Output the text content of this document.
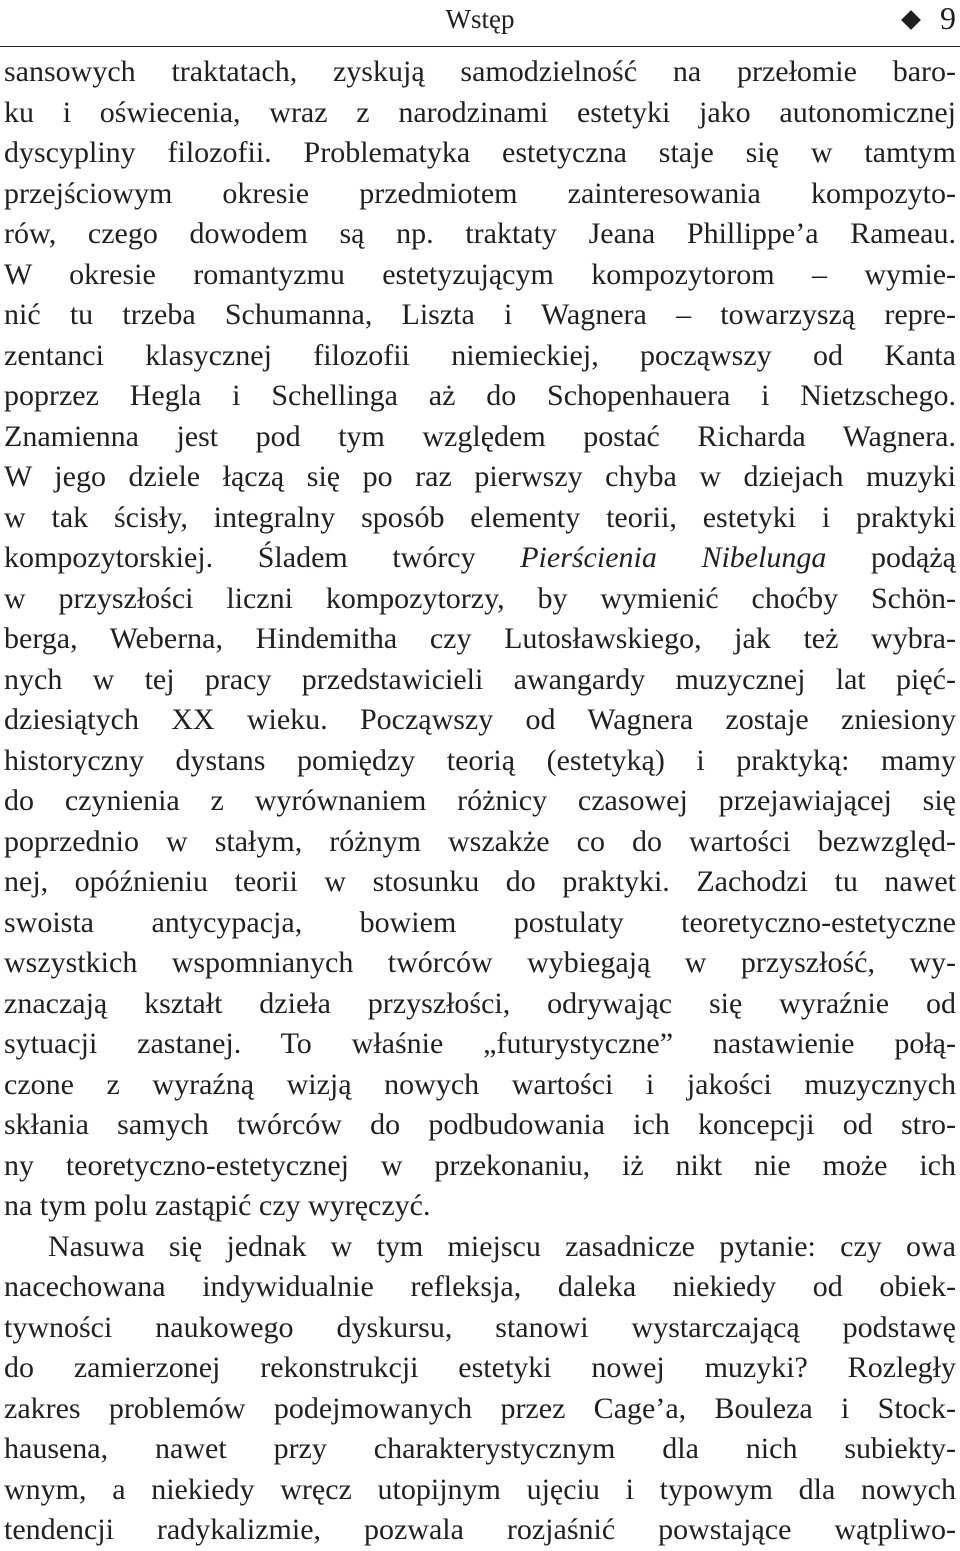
Wstęp	9
sansowych traktatach, zyskują samodzielność na przełomie baro-
ku i oświecenia, wraz z narodzinami estetyki jako autonomicznej
dyscypliny filozofii. Problematyka estetyczna staje się w tamtym
przejściowym okresie przedmiotem zainteresowania kompozyto-
rów, czego dowodem są np. traktaty Jeana Phillippe’a Rameau.
W okresie romantyzmu estetyzującym kompozytorom – wymie-
nić tu trzeba Schumanna, Liszta i Wagnera – towarzyszą repre-
zentanci klasycznej filozofii niemieckiej, począwszy od Kanta
poprzez Hegla i Schellinga aż do Schopenhauera i Nietzschego.
Znamienna jest pod tym względem postać Richarda Wagnera.
W jego dziele łączą się po raz pierwszy chyba w dziejach muzyki
w tak ścisły, integralny sposób elementy teorii, estetyki i praktyki
kompozytorskiej. Śladem twórcy Pierścienia Nibelunga podążą
w przyszłości liczni kompozytorzy, by wymienić choćby Schön-
berga, Weberna, Hindemitha czy Lutosławskiego, jak też wybra-
nych w tej pracy przedstawicieli awangardy muzycznej lat pięć-
dziesiątych XX wieku. Począwszy od Wagnera zostaje zniesiony
historyczny dystans pomiędzy teorią (estetyką) i praktyką: mamy
do czynienia z wyrównaniem różnicy czasowej przejawiającej się
poprzednio w stałym, różnym wszakże co do wartości bezwzględ-
nej, opóźnieniu teorii w stosunku do praktyki. Zachodzi tu nawet
swoista antycypacja, bowiem postulaty teoretyczno-estetyczne
wszystkich wspomnianych twórców wybiegają w przyszłość, wy-
znaczają kształt dzieła przyszłości, odrywając się wyraźnie od
sytuacji zastanej. To właśnie „futurystyczne” nastawienie połą-
czone z wyraźną wizją nowych wartości i jakości muzycznych
skłania samych twórców do podbudowania ich koncepcji od stro-
ny teoretyczno-estetycznej w przekonaniu, iż nikt nie może ich
na tym polu zastąpić czy wyręczyć.
Nasuwa się jednak w tym miejscu zasadnicze pytanie: czy owa
nacechowana indywidualnie refleksja, daleka niekiedy od obiek-
tywności naukowego dyskursu, stanowi wystarczającą podstawę
do zamierzonej rekonstrukcji estetyki nowej muzyki? Rozległy
zakres problemów podejmowanych przez Cage’a, Bouleza i Stock-
hausena, nawet przy charakterystycznym dla nich subiekty-
wnym, a niekiedy wręcz utopijnym ujęciu i typowym dla nowych
tendencji radykalizmie, pozwala rozjaśnić powstające wątpliwo-
